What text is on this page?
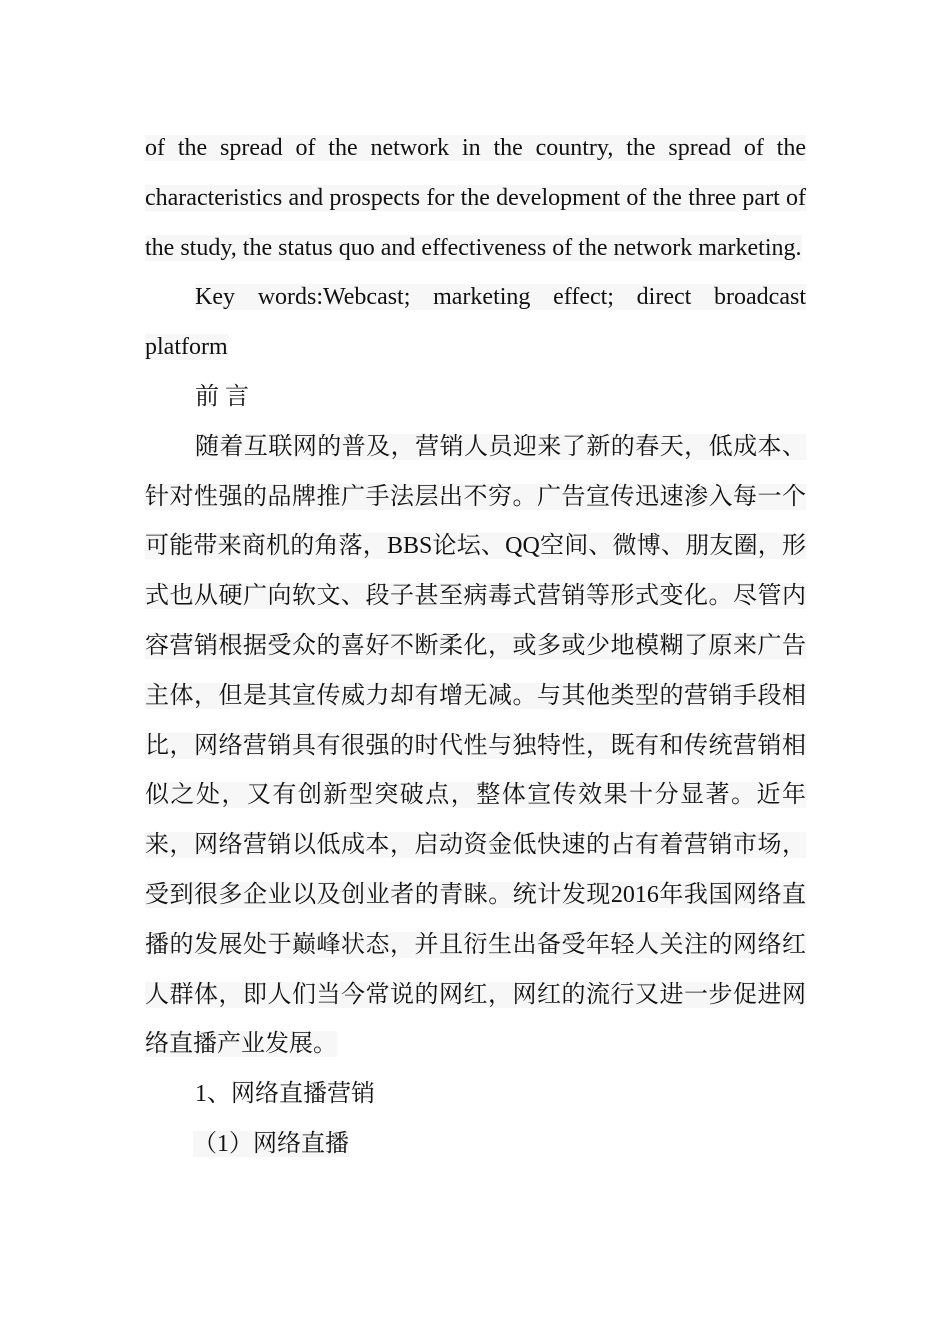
of the spread of the network in the country, the spread of the characteristics and prospects for the development of the three part of the study, the status quo and effectiveness of the network marketing.

Key words:Webcast; marketing effect; direct broadcast platform

前 言

随着互联网的普及，营销人员迎来了新的春天，低成本、针对性强的品牌推广手法层出不穷。广告宣传迅速渗入每一个可能带来商机的角落，BBS论坛、QQ空间、微博、朋友圈，形式也从硬广向软文、段子甚至病毒式营销等形式变化。尽管内容营销根据受众的喜好不断柔化，或多或少地模糊了原来广告主体，但是其宣传威力却有增无减。与其他类型的营销手段相比，网络营销具有很强的时代性与独特性，既有和传统营销相似之处，又有创新型突破点，整体宣传效果十分显著。近年来，网络营销以低成本，启动资金低快速的占有着营销市场，受到很多企业以及创业者的青睐。统计发现2016年我国网络直播的发展处于巅峰状态，并且衍生出备受年轻人关注的网络红人群体，即人们当今常说的网红，网红的流行又进一步促进网络直播产业发展。

1、网络直播营销

（1）网络直播
